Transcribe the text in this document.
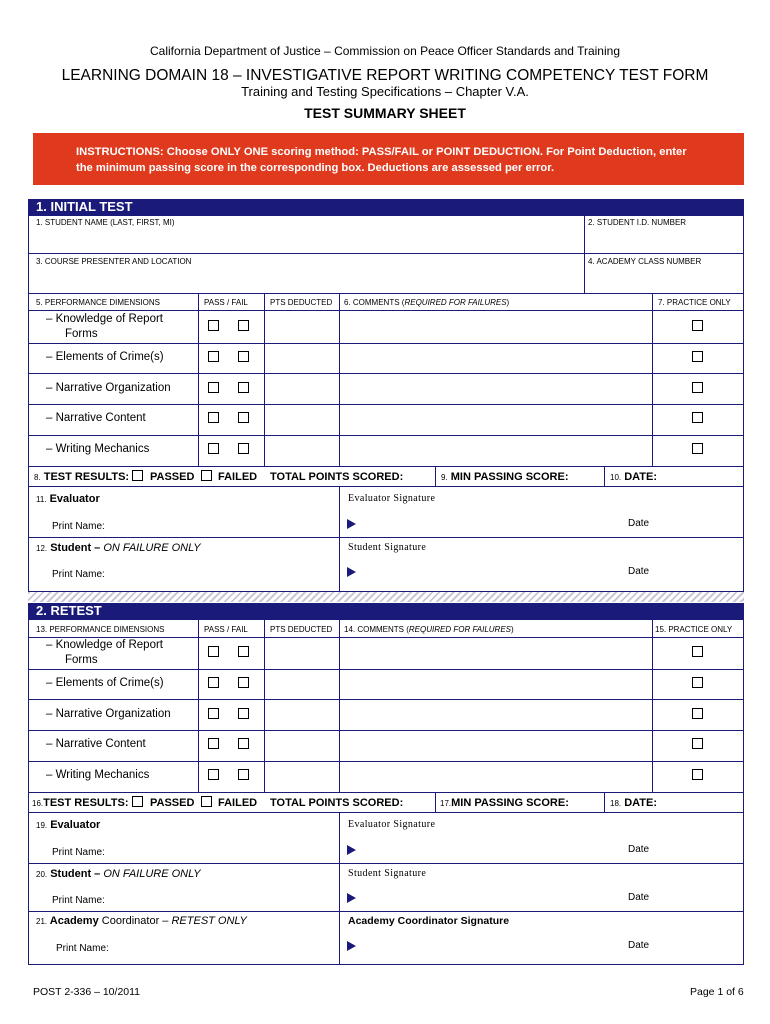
California Department of Justice – Commission on Peace Officer Standards and Training
LEARNING DOMAIN 18 – INVESTIGATIVE REPORT WRITING COMPETENCY TEST FORM
Training and Testing Specifications – Chapter V.A.
TEST SUMMARY SHEET
INSTRUCTIONS: Choose ONLY ONE scoring method: PASS/FAIL or POINT DEDUCTION. For Point Deduction, enter
the minimum passing score in the corresponding box. Deductions are assessed per error.
1. INITIAL TEST
1. STUDENT NAME (LAST, FIRST, MI)	2. STUDENT I.D. NUMBER
3. COURSE PRESENTER AND LOCATION	4. ACADEMY CLASS NUMBER
5. PERFORMANCE DIMENSIONS	PASS / FAIL	PTS DEDUCTED 6. COMMENTS (REQUIRED FOR FAILURES)	7. PRACTICE ONLY
– Knowledge of Report
Forms
– Elements of Crime(s)
– Narrative Organization
– Narrative Content
– Writing Mechanics
8. TEST RESULTS: PASSED FAILED TOTAL POINTS SCORED:	9. MIN PASSING SCORE:	10. DATE:
11. Evaluator
Print Name:
Evaluator Signature
Date
12. Student – ON FAILURE ONLY
Print Name:
Student Signature
Date
2. RETEST
13. PERFORMANCE DIMENSIONS	PASS / FAIL	PTS DEDUCTED 14. COMMENTS (REQUIRED FOR FAILURES)	15. PRACTICE ONLY
– Knowledge of Report
Forms
– Elements of Crime(s)
– Narrative Organization
– Narrative Content
– Writing Mechanics
16.TEST RESULTS: PASSED FAILED TOTAL POINTS SCORED:	17.MIN PASSING SCORE:	18. DATE:
19. Evaluator
Print Name:
Evaluator Signature
Date
20. Student – ON FAILURE ONLY
Print Name:
Student Signature
Date
21. Academy Coordinator – RETEST ONLY
Print Name:
Academy Coordinator Signature
Date
POST 2-336 – 10/2011	Page 1 of 6
